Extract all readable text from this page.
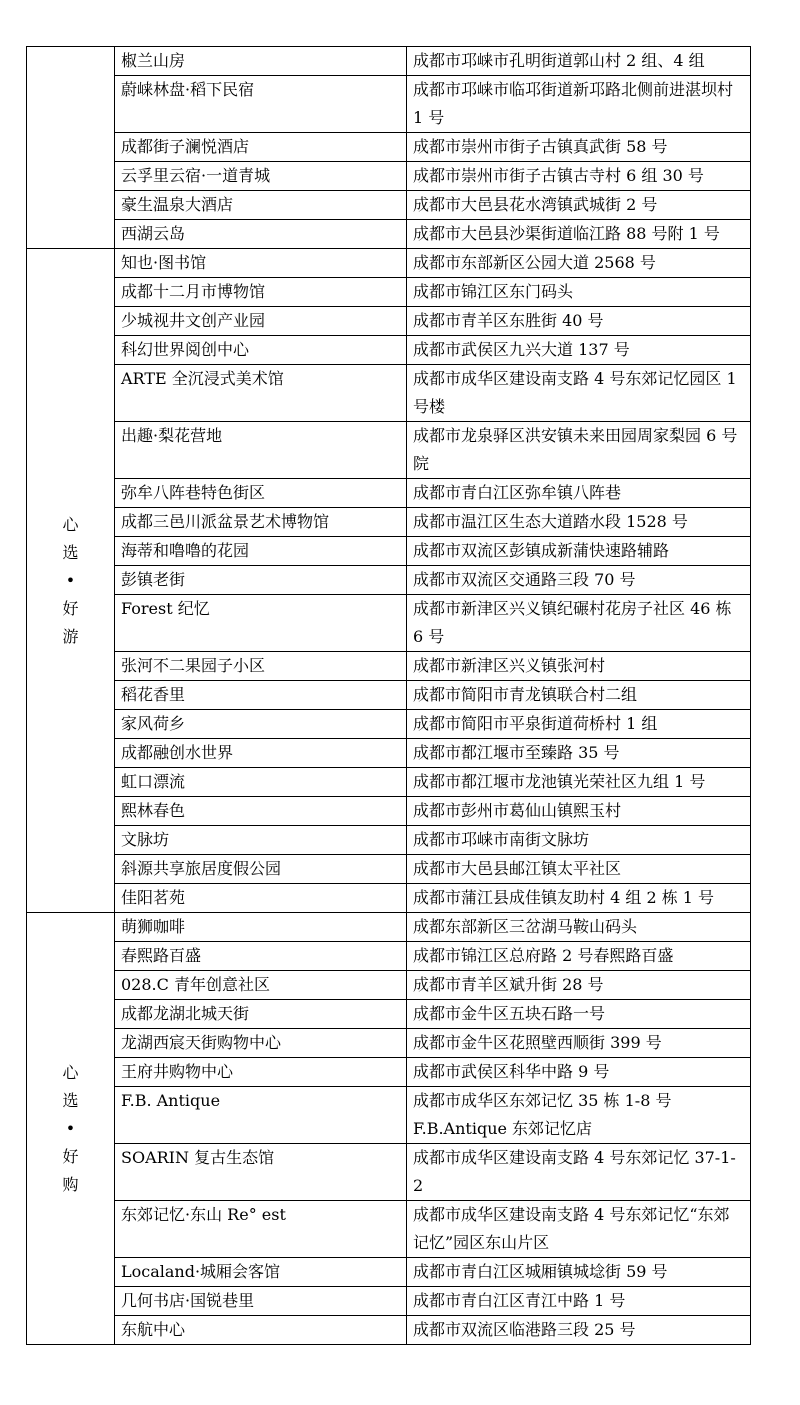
	椒兰山房	成都市邛崃市孔明街道郭山村 2 组、4 组
	蔚崃林盘·稻下民宿	成都市邛崃市临邛街道新邛路北侧前进湛坝村 1 号
	成都街子澜悦酒店	成都市崇州市街子古镇真武街 58 号
	云孚里云宿·一道青城	成都市崇州市街子古镇古寺村 6 组 30 号
	豪生温泉大酒店	成都市大邑县花水湾镇武城街 2 号
	西湖云岛	成都市大邑县沙渠街道临江路 88 号附 1 号

心
选
•
好
游	知也·图书馆	成都市东部新区公园大道 2568 号
	成都十二月市博物馆	成都市锦江区东门码头
	少城视井文创产业园	成都市青羊区东胜街 40 号
	科幻世界阅创中心	成都市武侯区九兴大道 137 号
	ARTE 全沉浸式美术馆	成都市成华区建设南支路 4 号东郊记忆园区 1 号楼
	出趣·梨花营地	成都市龙泉驿区洪安镇未来田园周家梨园 6 号院
	弥牟八阵巷特色街区	成都市青白江区弥牟镇八阵巷
	成都三邑川派盆景艺术博物馆	成都市温江区生态大道踏水段 1528 号
	海蒂和噜噜的花园	成都市双流区彭镇成新蒲快速路辅路
	彭镇老街	成都市双流区交通路三段 70 号
	Forest 纪忆	成都市新津区兴义镇纪碾村花房子社区 46 栋 6 号
	张河不二果园子小区	成都市新津区兴义镇张河村
	稻花香里	成都市简阳市青龙镇联合村二组
	家风荷乡	成都市简阳市平泉街道荷桥村 1 组
	成都融创水世界	成都市都江堰市至臻路 35 号
	虹口漂流	成都市都江堰市龙池镇光荣社区九组 1 号
	熙林春色	成都市彭州市葛仙山镇熙玉村
	文脉坊	成都市邛崃市南街文脉坊
	斜源共享旅居度假公园	成都市大邑县邮江镇太平社区
	佳阳茗苑	成都市蒲江县成佳镇友助村 4 组 2 栋 1 号

心
选
•
好
购	萌狮咖啡	成都东部新区三岔湖马鞍山码头
	春熙路百盛	成都市锦江区总府路 2 号春熙路百盛
	028.C 青年创意社区	成都市青羊区斌升街 28 号
	成都龙湖北城天街	成都市金牛区五块石路一号
	龙湖西宸天街购物中心	成都市金牛区花照壁西顺街 399 号
	王府井购物中心	成都市武侯区科华中路 9 号
	F.B. Antique	成都市成华区东郊记忆 35 栋 1-8 号 F.B.Antique 东郊记忆店
	SOARIN 复古生态馆	成都市成华区建设南支路 4 号东郊记忆 37-1-2
	东郊记忆·东山 Re° est	成都市成华区建设南支路 4 号东郊记忆“东郊记忆”园区东山片区
	Localand·城厢会客馆	成都市青白江区城厢镇城埝街 59 号
	几何书店·国锐巷里	成都市青白江区青江中路 1 号
	东航中心	成都市双流区临港路三段 25 号
